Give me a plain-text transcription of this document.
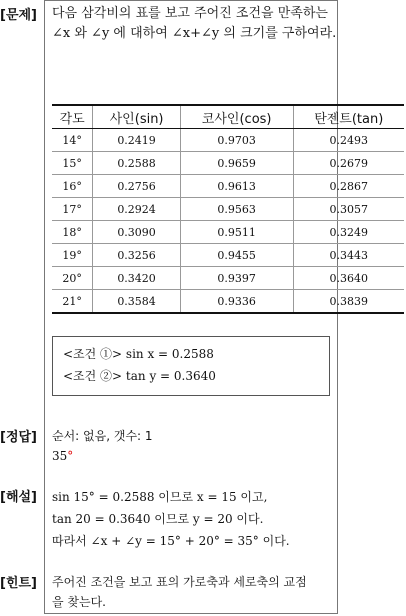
[문제] 다음 삼각비의 표를 보고 주어진 조건을 만족하는
∠x 와 ∠y 에 대하여 ∠x+∠y 의 크기를 구하여라.
각도	사인(sin)	코사인(cos)	탄젠트(tan)
14°	0.2419	0.9703	0.2493
15°	0.2588	0.9659	0.2679
16°	0.2756	0.9613	0.2867
17°	0.2924	0.9563	0.3057
18°	0.3090	0.9511	0.3249
19°	0.3256	0.9455	0.3443
20°	0.3420	0.9397	0.3640
21°	0.3584	0.9336	0.3839
<조건 ①> sin x = 0.2588
<조건 ②> tan y = 0.3640
[정답] 순서: 없음, 갯수: 1
35°
[해설] sin 15° = 0.2588 이므로 x = 15 이고,
tan 20 = 0.3640 이므로 y = 20 이다.
따라서 ∠x + ∠y = 15° + 20° = 35° 이다.
[힌트] 주어진 조건을 보고 표의 가로축과 세로축의 교점
을 찾는다.
